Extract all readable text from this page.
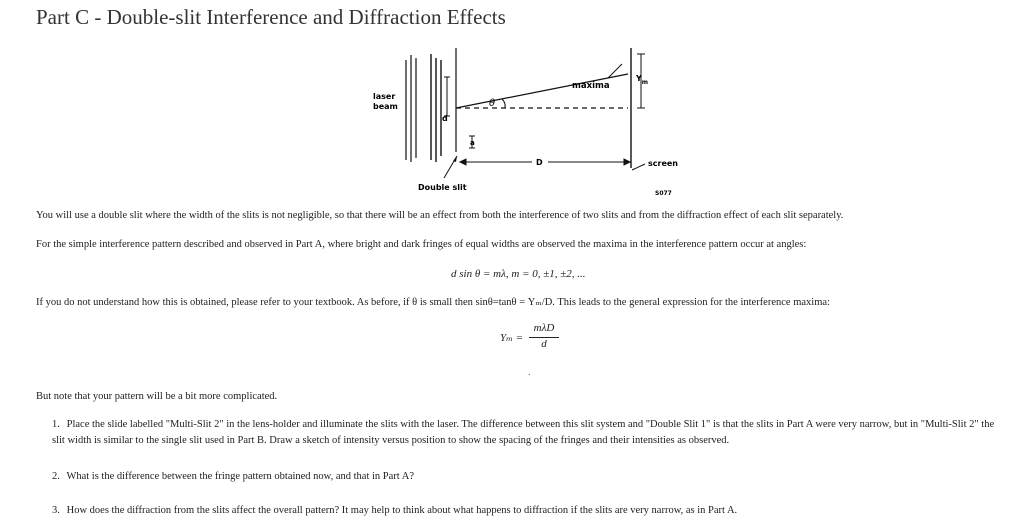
Part C - Double-slit Interference and Diffraction Effects
d
a
θ
maxima
$Y_m$
D	screen
laser
beam
Double slit
S077
You will use a double slit where the width of the slits is not negligible, so that there will be an effect from both the interference of two slits and from the diffraction effect of each slit separately.
For the simple interference pattern described and observed in Part A, where bright and dark fringes of equal widths are observed the maxima in the interference pattern occur at angles:
d sin θ = mλ, m = 0, ±1, ±2, ...
If you do not understand how this is obtained, please refer to your textbook. As before, if θ is small then sinθ=tanθ = Yₘ/D. This leads to the general expression for the interference maxima:
Yₘ =
mλD
d
.
But note that your pattern will be a bit more complicated.
1. Place the slide labelled "Multi-Slit 2" in the lens-holder and illuminate the slits with the laser. The difference between this slit system and "Double Slit 1" is that the slits in Part A were very narrow, but in "Multi-Slit 2" the slit width is similar to the single slit used in Part B. Draw a sketch of intensity versus position to show the spacing of the fringes and their intensities as observed.
2. What is the difference between the fringe pattern obtained now, and that in Part A?
3. How does the diffraction from the slits affect the overall pattern? It may help to think about what happens to diffraction if the slits are very narrow, as in Part A.
